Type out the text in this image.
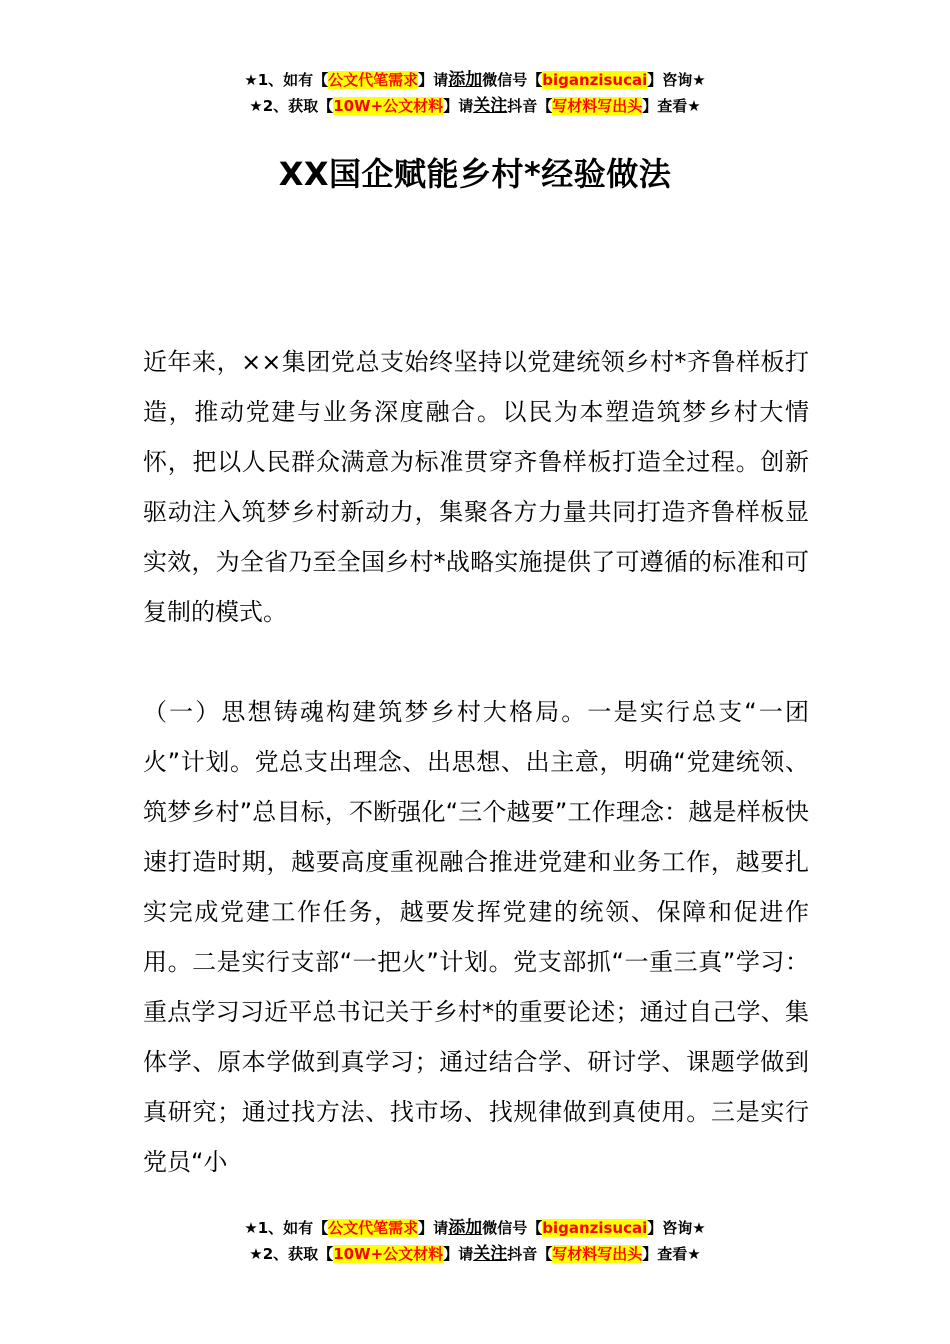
★1、如有【公文代笔需求】请添加微信号【biganzisucai】咨询★
★2、获取【10W+公文材料】请关注抖音【写材料写出头】查看★
XX国企赋能乡村*经验做法
近年来，××集团党总支始终坚持以党建统领乡村*齐鲁样板打造，推动党建与业务深度融合。以民为本塑造筑梦乡村大情怀，把以人民群众满意为标准贯穿齐鲁样板打造全过程。创新驱动注入筑梦乡村新动力，集聚各方力量共同打造齐鲁样板显实效，为全省乃至全国乡村*战略实施提供了可遵循的标准和可复制的模式。
（一）思想铸魂构建筑梦乡村大格局。一是实行总支“一团火”计划。党总支出理念、出思想、出主意，明确“党建统领、筑梦乡村”总目标，不断强化“三个越要”工作理念：越是样板快速打造时期，越要高度重视融合推进党建和业务工作，越要扎实完成党建工作任务，越要发挥党建的统领、保障和促进作用。二是实行支部“一把火”计划。党支部抓“一重三真”学习：重点学习习近平总书记关于乡村*的重要论述；通过自己学、集体学、原本学做到真学习；通过结合学、研讨学、课题学做到真研究；通过找方法、找市场、找规律做到真使用。三是实行党员“小
★1、如有【公文代笔需求】请添加微信号【biganzisucai】咨询★
★2、获取【10W+公文材料】请关注抖音【写材料写出头】查看★
